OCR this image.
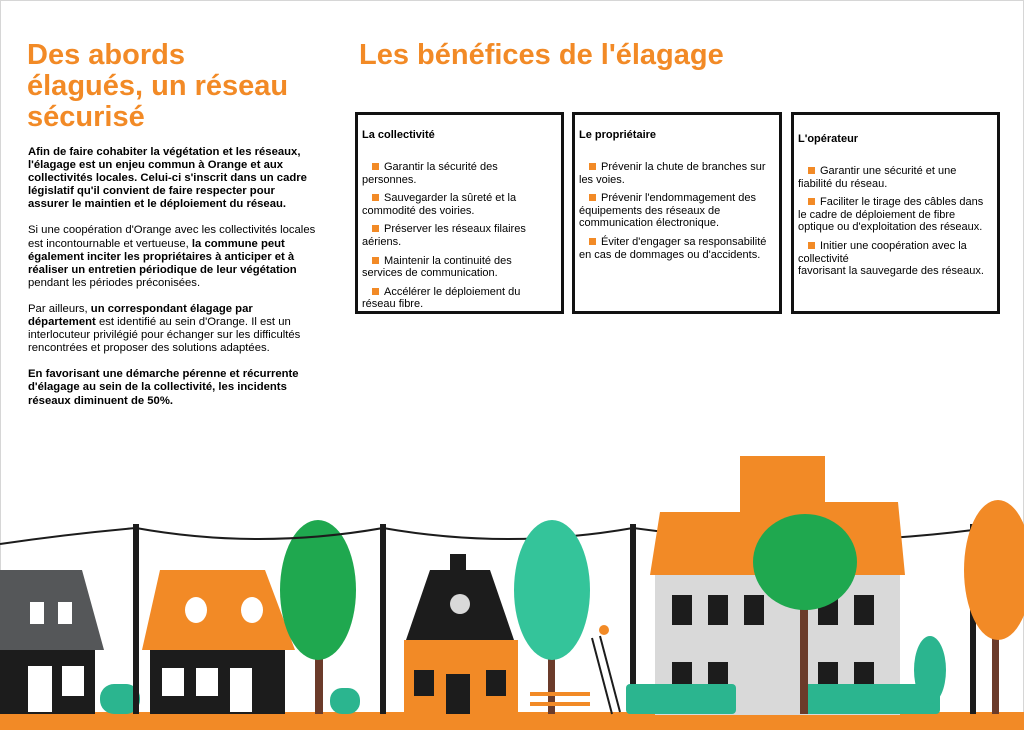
Des abords
élagués, un réseau
sécurisé
Les bénéfices de l'élagage

Afin de faire cohabiter la végétation et les réseaux, l'élagage est un enjeu commun à Orange et aux collectivités locales. Celui-ci s'inscrit dans un cadre législatif qu'il convient de faire respecter pour assurer le maintien et le déploiement du réseau.

Si une coopération d'Orange avec les collectivités locales est incontournable et vertueuse, la commune peut également inciter les propriétaires à anticiper et à réaliser un entretien périodique de leur végétation pendant les périodes préconisées.

Par ailleurs, un correspondant élagage par département est identifié au sein d'Orange. Il est un interlocuteur privilégié pour échanger sur les difficultés rencontrées et proposer des solutions adaptées.

En favorisant une démarche pérenne et récurrente d'élagage au sein de la collectivité, les incidents réseaux diminuent de 50%.

La collectivité
Garantir la sécurité des personnes.
Sauvegarder la sûreté et la commodité des voiries.
Préserver les réseaux filaires aériens.
Maintenir la continuité des services de communication.
Accélérer le déploiement du réseau fibre.
Le propriétaire
Prévenir la chute de branches sur les voies.
Prévenir l'endommagement des équipements des réseaux de communication électronique.
Éviter d'engager sa responsabilité en cas de dommages ou d'accidents.
L'opérateur
Garantir une sécurité et une fiabilité du réseau.
Faciliter le tirage des câbles dans le cadre de déploiement de fibre optique ou d'exploitation des réseaux.
Initier une coopération avec la collectivité
favorisant la sauvegarde des réseaux.
